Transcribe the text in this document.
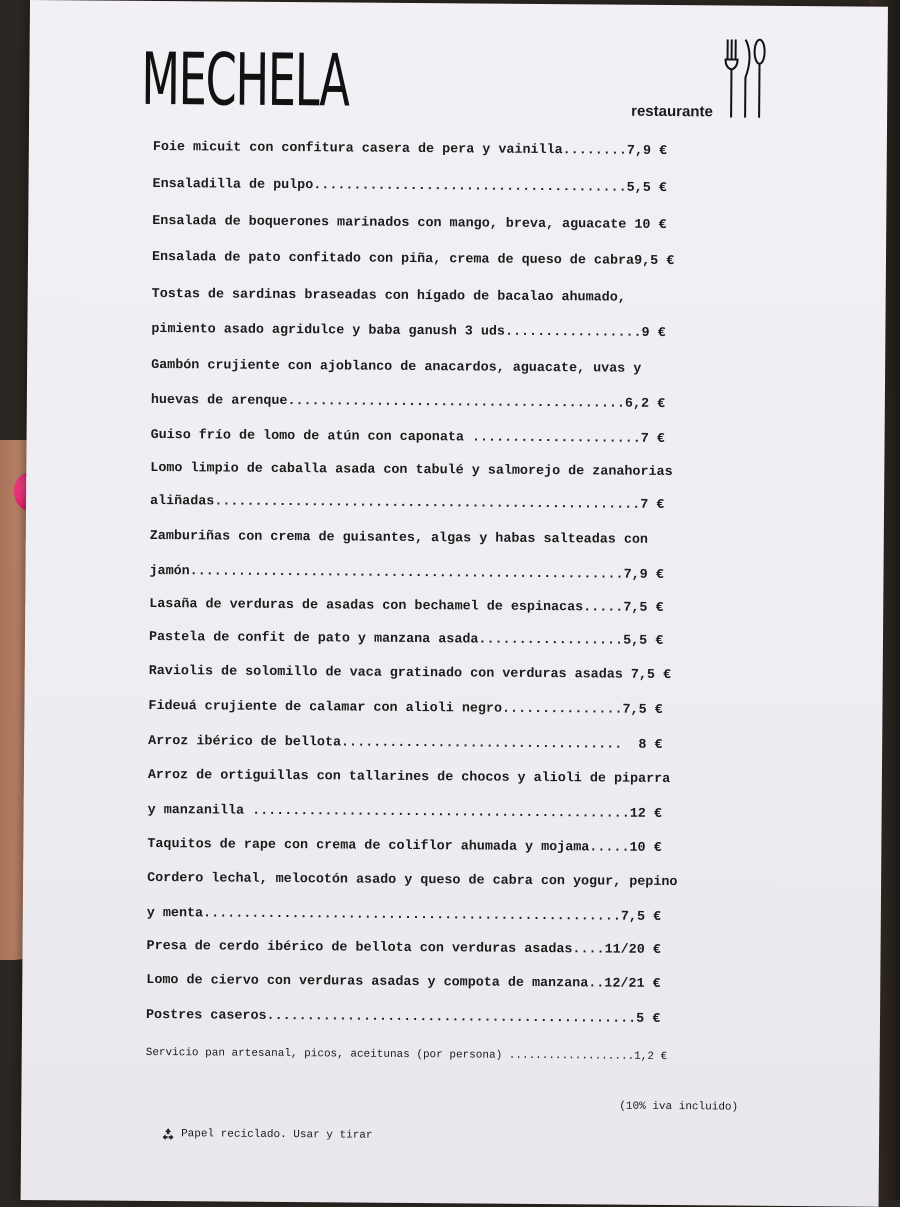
MECHELA	restaurante
Foie micuit con confitura casera de pera y vainilla........7,9 €
Ensaladilla de pulpo.......................................5,5 €
Ensalada de boquerones marinados con mango, breva, aguacate 10 €
Ensalada de pato confitado con piña, crema de queso de cabra9,5 €
Tostas de sardinas braseadas con hígado de bacalao ahumado,
pimiento asado agridulce y baba ganush 3 uds.................9 €
Gambón crujiente con ajoblanco de anacardos, aguacate, uvas y
huevas de arenque..........................................6,2 €
Guiso frío de lomo de atún con caponata .....................7 €
Lomo limpio de caballa asada con tabulé y salmorejo de zanahorias
aliñadas.....................................................7 €
Zamburiñas con crema de guisantes, algas y habas salteadas con
jamón......................................................7,9 €
Lasaña de verduras de asadas con bechamel de espinacas.....7,5 €
Pastela de confit de pato y manzana asada..................5,5 €
Raviolis de solomillo de vaca gratinado con verduras asadas 7,5 €
Fideuá crujiente de calamar con alioli negro...............7,5 €
Arroz ibérico de bellota...................................  8 €
Arroz de ortiguillas con tallarines de chocos y alioli de piparra
y manzanilla ...............................................12 €
Taquitos de rape con crema de coliflor ahumada y mojama.....10 €
Cordero lechal, melocotón asado y queso de cabra con yogur, pepino
y menta....................................................7,5 €
Presa de cerdo ibérico de bellota con verduras asadas....11/20 €
Lomo de ciervo con verduras asadas y compota de manzana..12/21 €
Postres caseros..............................................5 €
Servicio pan artesanal, picos, aceitunas (por persona) ...................1,2 €
(10% iva incluido)
Papel reciclado. Usar y tirar
